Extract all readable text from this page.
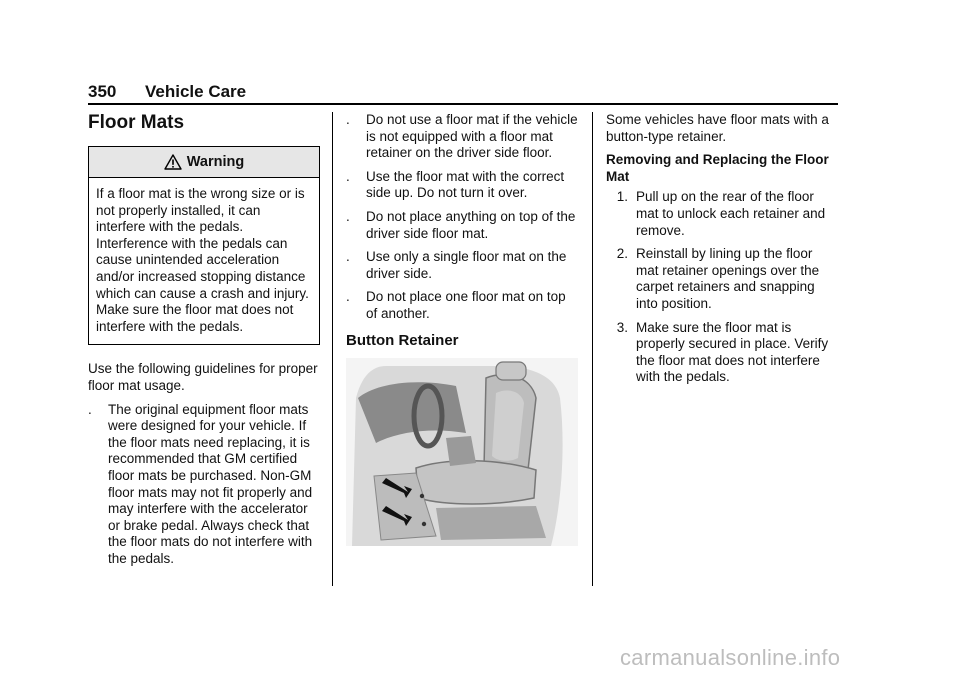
350 Vehicle Care
Floor Mats
Warning
If a floor mat is the wrong size or is not properly installed, it can interfere with the pedals. Interference with the pedals can cause unintended acceleration and/or increased stopping distance which can cause a crash and injury. Make sure the floor mat does not interfere with the pedals.

Use the following guidelines for proper floor mat usage.

.	The original equipment floor mats were designed for your vehicle. If the floor mats need replacing, it is recommended that GM certified floor mats be purchased. Non-GM floor mats may not fit properly and may interfere with the accelerator or brake pedal. Always check that the floor mats do not interfere with the pedals.
.	Do not use a floor mat if the vehicle is not equipped with a floor mat retainer on the driver side floor.
.	Use the floor mat with the correct side up. Do not turn it over.
.	Do not place anything on top of the driver side floor mat.
.	Use only a single floor mat on the driver side.
.	Do not place one floor mat on top of another.
Button Retainer

Some vehicles have floor mats with a button-type retainer.

Removing and Replacing the Floor Mat
1. Pull up on the rear of the floor mat to unlock each retainer and remove.
2. Reinstall by lining up the floor mat retainer openings over the carpet retainers and snapping into position.
3. Make sure the floor mat is properly secured in place. Verify the floor mat does not interfere with the pedals.
carmanualsonline.info
